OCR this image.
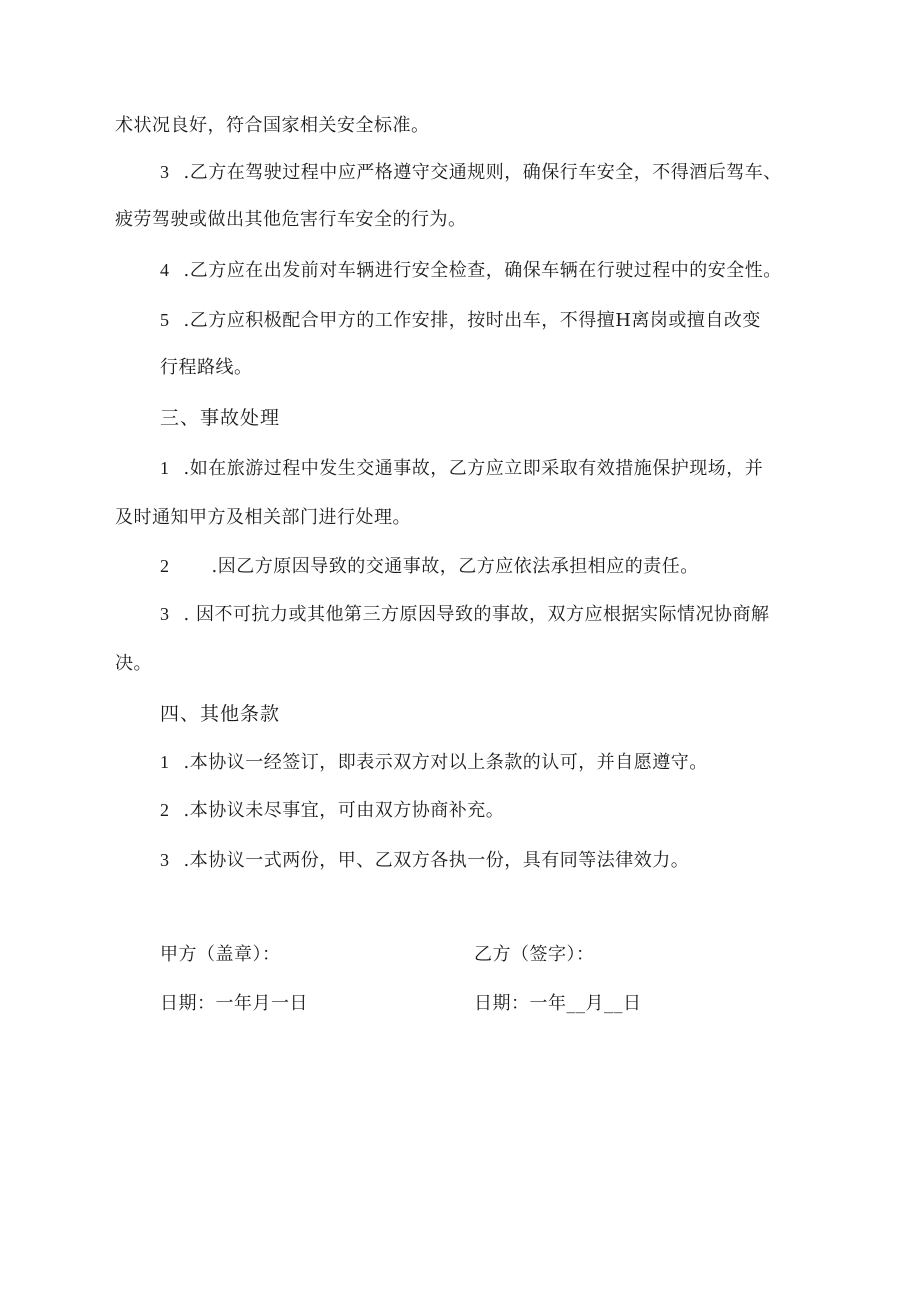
术状况良好，符合国家相关安全标准。
3 .乙方在驾驶过程中应严格遵守交通规则，确保行车安全，不得酒后驾车、
疲劳驾驶或做出其他危害行车安全的行为。
4 .乙方应在出发前对车辆进行安全检查，确保车辆在行驶过程中的安全性。
5 .乙方应积极配合甲方的工作安排，按时出车，不得擅H离岗或擅自改变
行程路线。
三、事故处理
1 .如在旅游过程中发生交通事故，乙方应立即采取有效措施保护现场，并
及时通知甲方及相关部门进行处理。
2 .因乙方原因导致的交通事故，乙方应依法承担相应的责任。
3 . 因不可抗力或其他第三方原因导致的事故，双方应根据实际情况协商解
决。
四、其他条款
1 .本协议一经签订，即表示双方对以上条款的认可，并自愿遵守。
2 .本协议未尽事宜，可由双方协商补充。
3 .本协议一式两份，甲、乙双方各执一份，具有同等法律效力。
甲方（盖章）：	乙方（签字）：
日期：一年月一日	日期：一年__月__日
